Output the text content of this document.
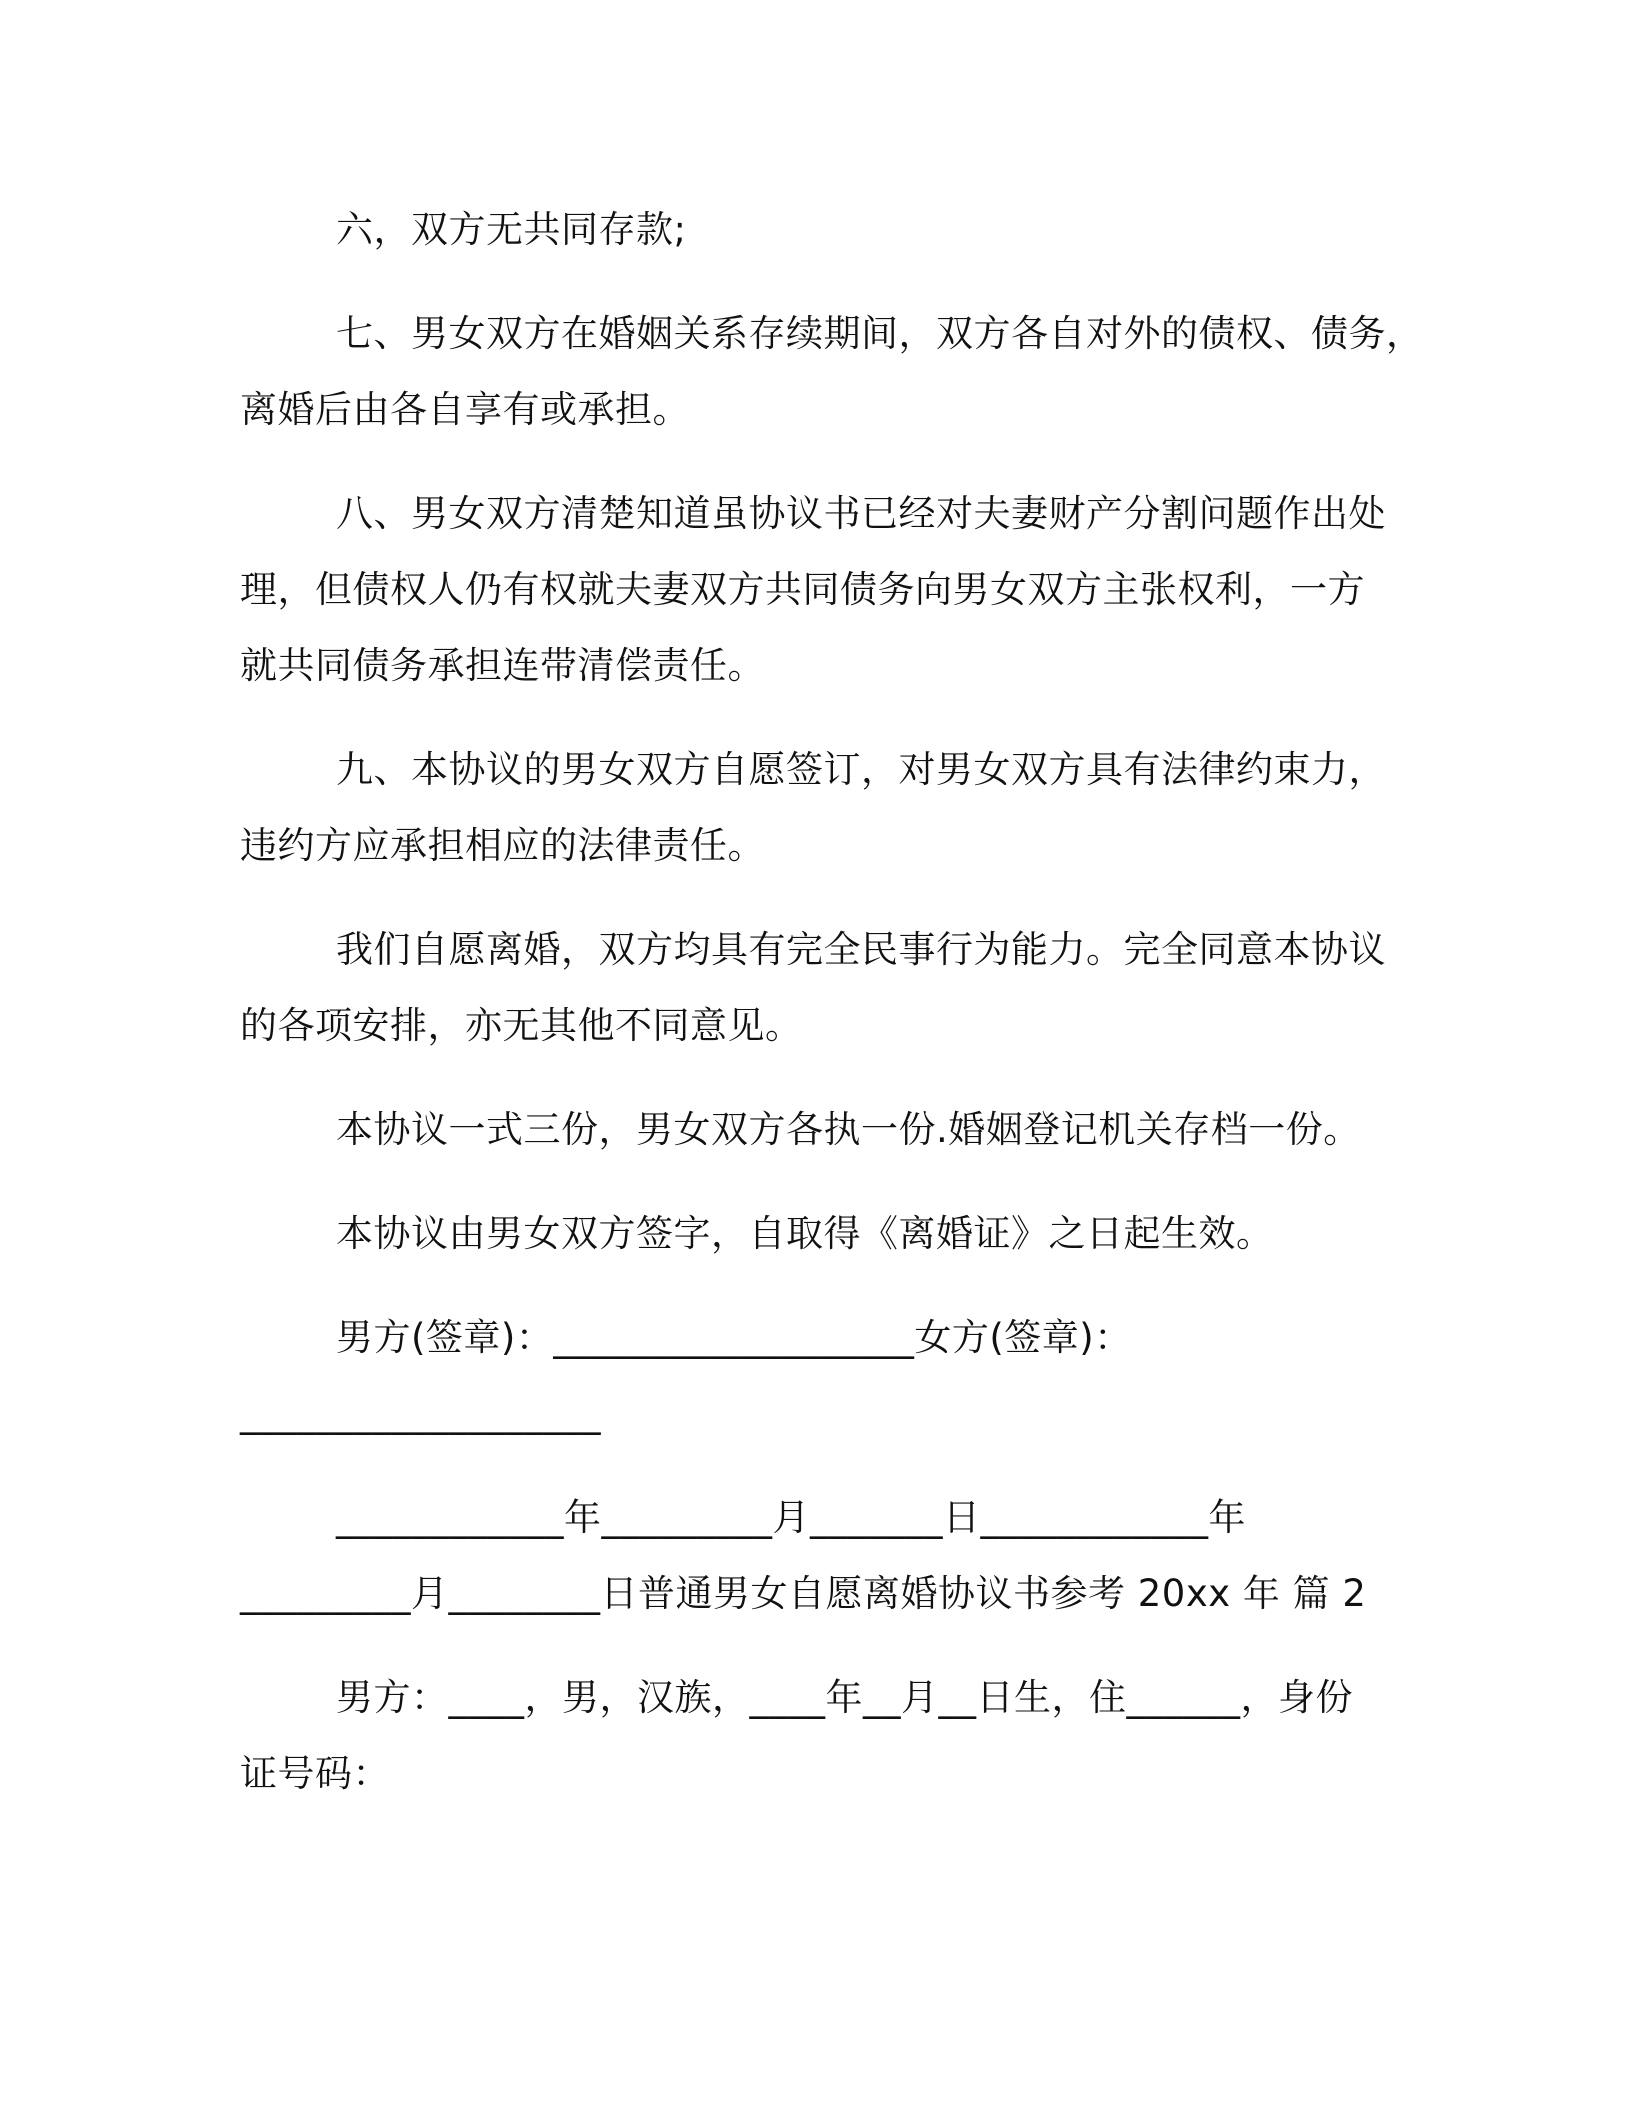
六，双方无共同存款;
七、男女双方在婚姻关系存续期间，双方各自对外的债权、债务，
离婚后由各自享有或承担。
八、男女双方清楚知道虽协议书已经对夫妻财产分割问题作出处
理，但债权人仍有权就夫妻双方共同债务向男女双方主张权利，一方
就共同债务承担连带清偿责任。
九、本协议的男女双方自愿签订，对男女双方具有法律约束力，
违约方应承担相应的法律责任。
我们自愿离婚，双方均具有完全民事行为能力。完全同意本协议
的各项安排，亦无其他不同意见。
本协议一式三份，男女双方各执一份.婚姻登记机关存档一份。
本协议由男女双方签字，自取得《离婚证》之日起生效。
男方(签章)：___________________女方(签章)：
___________________
____________年_________月_______日____________年
_________月________日普通男女自愿离婚协议书参考 20xx 年 篇 2
男方：____，男，汉族，____年__月__日生，住______，身份
证号码：
